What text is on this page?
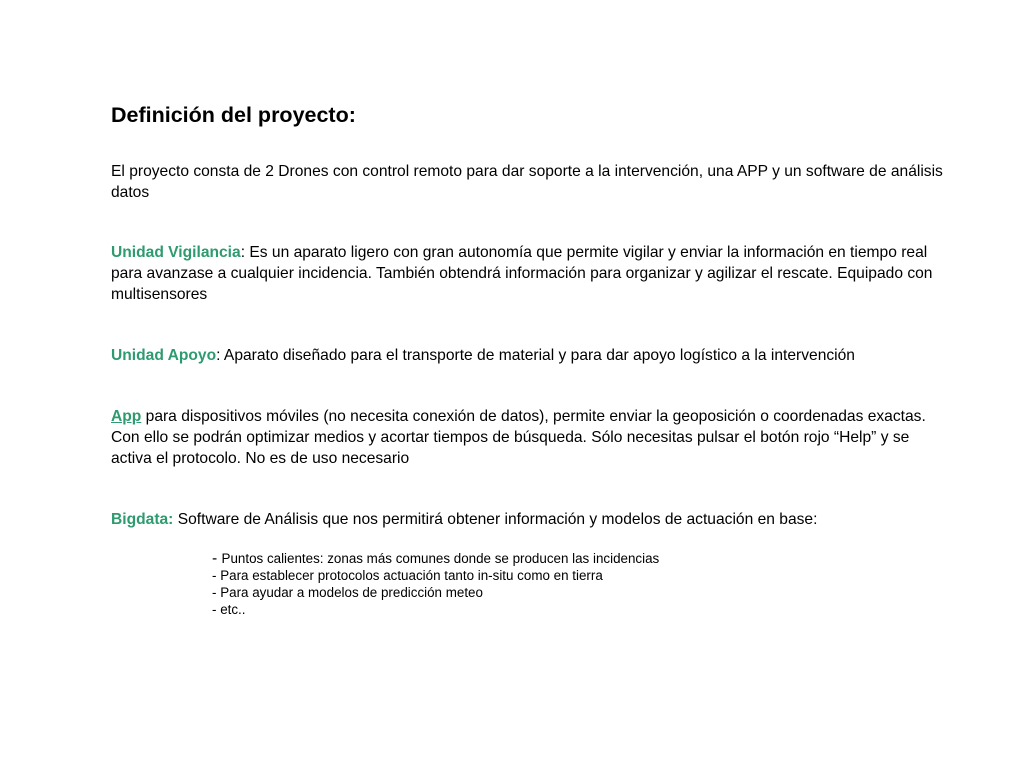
Definición del proyecto:

El proyecto consta de 2 Drones con control remoto para dar soporte a la intervención, una APP y un software de análisis datos

Unidad Vigilancia: Es un aparato ligero con gran autonomía que permite vigilar y enviar la información en tiempo real para avanzase a cualquier incidencia. También obtendrá información para organizar y agilizar el rescate. Equipado con multisensores

Unidad Apoyo: Aparato diseñado para el transporte de material y para dar apoyo logístico a la intervención

App para dispositivos móviles (no necesita conexión de datos), permite enviar la geoposición o coordenadas exactas. Con ello se podrán optimizar medios y acortar tiempos de búsqueda. Sólo necesitas pulsar el botón rojo “Help” y se activa el protocolo. No es de uso necesario

Bigdata: Software de Análisis que nos permitirá obtener información y modelos de actuación en base:

- Puntos calientes: zonas más comunes donde se producen las incidencias
- Para establecer protocolos actuación tanto in-situ como en tierra
- Para ayudar a modelos de predicción meteo
- etc..
